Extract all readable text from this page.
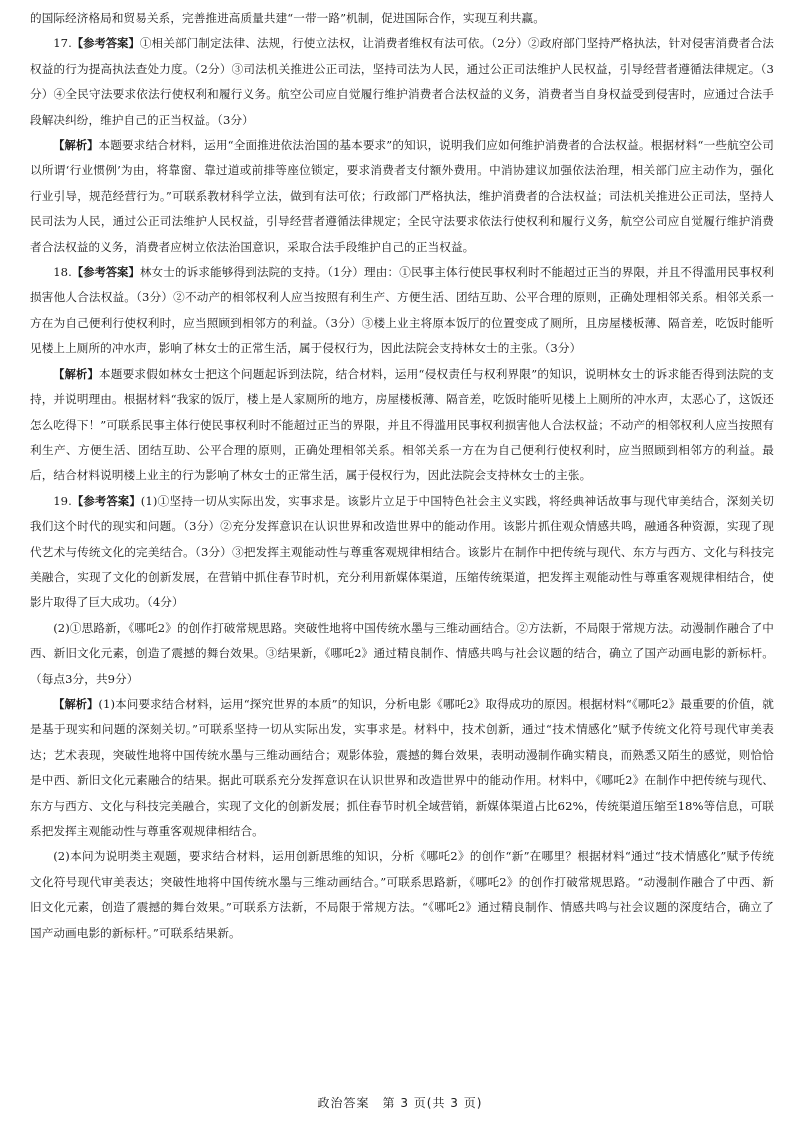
的国际经济格局和贸易关系，完善推进高质量共建“一带一路”机制，促进国际合作，实现互利共赢。

17.【参考答案】①相关部门制定法律、法规，行使立法权，让消费者维权有法可依。（2分）②政府部门坚持严格执法，针对侵害消费者合法权益的行为提高执法查处力度。（2分）③司法机关推进公正司法，坚持司法为人民，通过公正司法维护人民权益，引导经营者遵循法律规定。（3分）④全民守法要求依法行使权利和履行义务。航空公司应自觉履行维护消费者合法权益的义务，消费者当自身权益受到侵害时，应通过合法手段解决纠纷，维护自己的正当权益。（3分）

【解析】本题要求结合材料，运用“全面推进依法治国的基本要求”的知识，说明我们应如何维护消费者的合法权益。根据材料“一些航空公司以所谓‘行业惯例’为由，将靠窗、靠过道或前排等座位锁定，要求消费者支付额外费用。中消协建议加强依法治理，相关部门应主动作为，强化行业引导，规范经营行为。”可联系教材科学立法，做到有法可依；行政部门严格执法，维护消费者的合法权益；司法机关推进公正司法，坚持人民司法为人民，通过公正司法维护人民权益，引导经营者遵循法律规定；全民守法要求依法行使权利和履行义务，航空公司应自觉履行维护消费者合法权益的义务，消费者应树立依法治国意识，采取合法手段维护自己的正当权益。

18.【参考答案】林女士的诉求能够得到法院的支持。（1分）理由：①民事主体行使民事权利时不能超过正当的界限，并且不得滥用民事权利损害他人合法权益。（3分）②不动产的相邻权利人应当按照有利生产、方便生活、团结互助、公平合理的原则，正确处理相邻关系。相邻关系一方在为自己便利行使权利时，应当照顾到相邻方的利益。（3分）③楼上业主将原本饭厅的位置变成了厕所，且房屋楼板薄、隔音差，吃饭时能听见楼上上厕所的冲水声，影响了林女士的正常生活，属于侵权行为，因此法院会支持林女士的主张。（3分）

【解析】本题要求假如林女士把这个问题起诉到法院，结合材料，运用“侵权责任与权利界限”的知识，说明林女士的诉求能否得到法院的支持，并说明理由。根据材料“我家的饭厅，楼上是人家厕所的地方，房屋楼板薄、隔音差，吃饭时能听见楼上上厕所的冲水声，太恶心了，这饭还怎么吃得下！”可联系民事主体行使民事权利时不能超过正当的界限，并且不得滥用民事权利损害他人合法权益；不动产的相邻权利人应当按照有利生产、方便生活、团结互助、公平合理的原则，正确处理相邻关系。相邻关系一方在为自己便利行使权利时，应当照顾到相邻方的利益。最后，结合材料说明楼上业主的行为影响了林女士的正常生活，属于侵权行为，因此法院会支持林女士的主张。

19.【参考答案】(1)①坚持一切从实际出发，实事求是。该影片立足于中国特色社会主义实践，将经典神话故事与现代审美结合，深刻关切我们这个时代的现实和问题。（3分）②充分发挥意识在认识世界和改造世界中的能动作用。该影片抓住观众情感共鸣，融通各种资源，实现了现代艺术与传统文化的完美结合。（3分）③把发挥主观能动性与尊重客观规律相结合。该影片在制作中把传统与现代、东方与西方、文化与科技完美融合，实现了文化的创新发展，在营销中抓住春节时机，充分利用新媒体渠道，压缩传统渠道，把发挥主观能动性与尊重客观规律相结合，使影片取得了巨大成功。（4分）

(2)①思路新，《哪吒2》的创作打破常规思路。突破性地将中国传统水墨与三维动画结合。②方法新，不局限于常规方法。动漫制作融合了中西、新旧文化元素，创造了震撼的舞台效果。③结果新，《哪吒2》通过精良制作、情感共鸣与社会议题的结合，确立了国产动画电影的新标杆。（每点3分，共9分）

【解析】(1)本问要求结合材料，运用“探究世界的本质”的知识，分析电影《哪吒2》取得成功的原因。根据材料“《哪吒2》最重要的价值，就是基于现实和问题的深刻关切。”可联系坚持一切从实际出发，实事求是。材料中，技术创新，通过“技术情感化”赋予传统文化符号现代审美表达；艺术表现，突破性地将中国传统水墨与三维动画结合；观影体验，震撼的舞台效果，表明动漫制作确实精良，而熟悉又陌生的感觉，则恰恰是中西、新旧文化元素融合的结果。据此可联系充分发挥意识在认识世界和改造世界中的能动作用。材料中，《哪吒2》在制作中把传统与现代、东方与西方、文化与科技完美融合，实现了文化的创新发展；抓住春节时机全域营销，新媒体渠道占比62%，传统渠道压缩至18%等信息，可联系把发挥主观能动性与尊重客观规律相结合。

(2)本问为说明类主观题，要求结合材料，运用创新思维的知识，分析《哪吒2》的创作“新”在哪里？根据材料“通过“技术情感化”赋予传统文化符号现代审美表达；突破性地将中国传统水墨与三维动画结合。”可联系思路新，《哪吒2》的创作打破常规思路。“动漫制作融合了中西、新旧文化元素，创造了震撼的舞台效果。”可联系方法新，不局限于常规方法。“《哪吒2》通过精良制作、情感共鸣与社会议题的深度结合，确立了国产动画电影的新标杆。”可联系结果新。

政治答案　第 3 页(共 3 页)
